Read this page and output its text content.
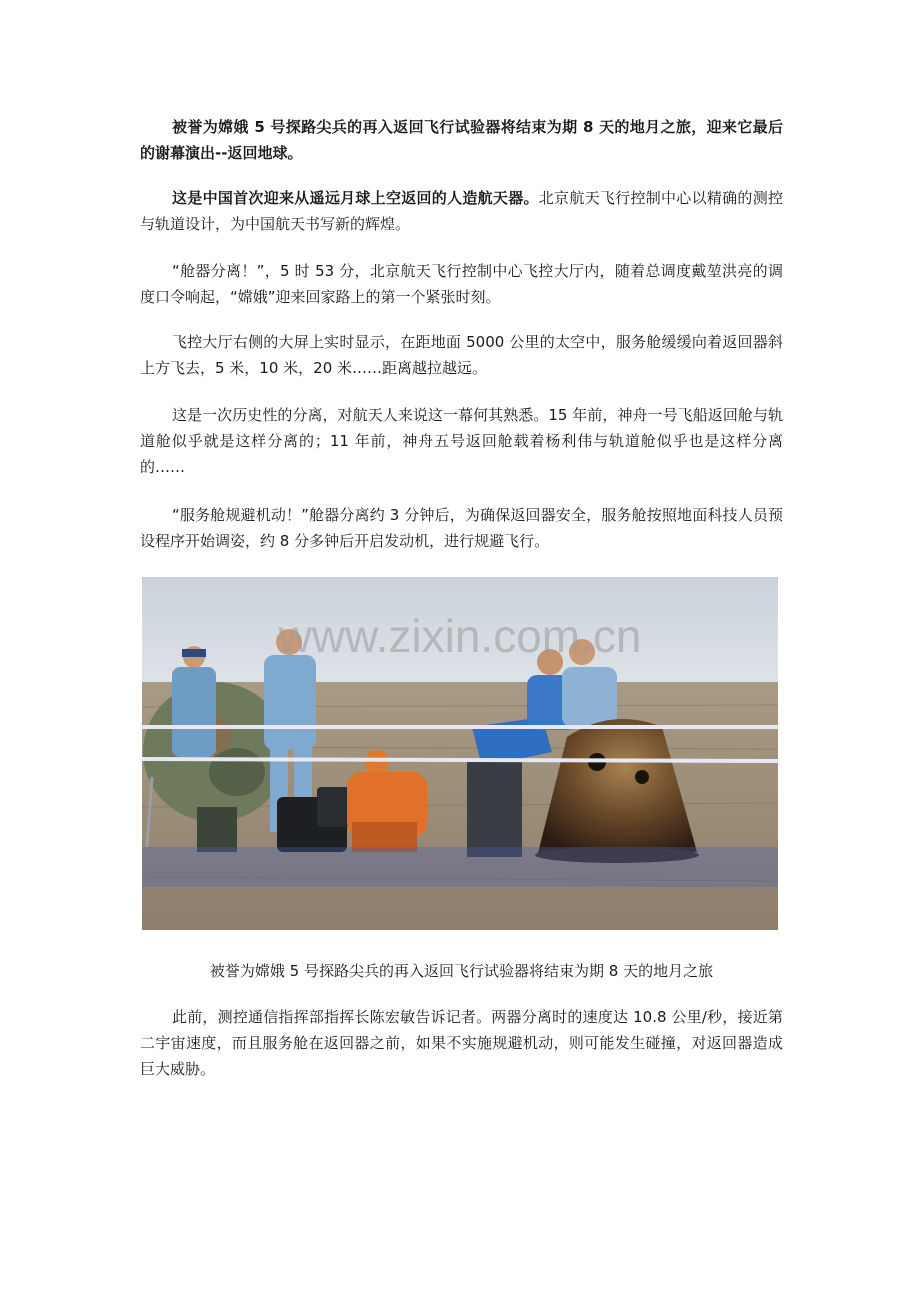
被誉为嫦娥 5 号探路尖兵的再入返回飞行试验器将结束为期 8 天的地月之旅，迎来它最后的谢幕演出--返回地球。

这是中国首次迎来从遥远月球上空返回的人造航天器。北京航天飞行控制中心以精确的测控与轨道设计，为中国航天书写新的辉煌。

“舱器分离！”，5 时 53 分，北京航天飞行控制中心飞控大厅内，随着总调度戴堃洪亮的调度口令响起，“嫦娥”迎来回家路上的第一个紧张时刻。

飞控大厅右侧的大屏上实时显示，在距地面 5000 公里的太空中，服务舱缓缓向着返回器斜上方飞去，5 米，10 米，20 米……距离越拉越远。

这是一次历史性的分离，对航天人来说这一幕何其熟悉。15 年前，神舟一号飞船返回舱与轨道舱似乎就是这样分离的；11 年前，神舟五号返回舱载着杨利伟与轨道舱似乎也是这样分离的……

“服务舱规避机动！”舱器分离约 3 分钟后，为确保返回器安全，服务舱按照地面科技人员预设程序开始调姿，约 8 分多钟后开启发动机，进行规避飞行。

www.zixin.com.cn
被誉为嫦娥 5 号探路尖兵的再入返回飞行试验器将结束为期 8 天的地月之旅

此前，测控通信指挥部指挥长陈宏敏告诉记者。两器分离时的速度达 10.8 公里/秒，接近第二宇宙速度，而且服务舱在返回器之前，如果不实施规避机动，则可能发生碰撞，对返回器造成巨大威胁。
